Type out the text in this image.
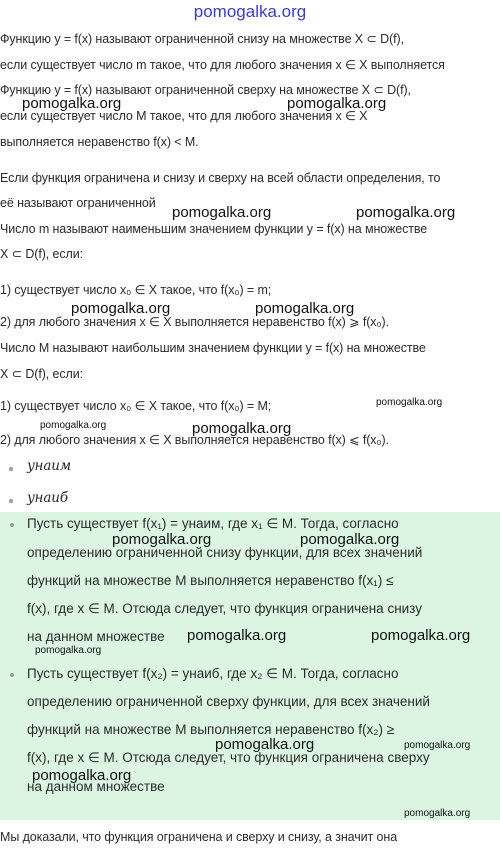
pomogalka.org
Функцию y = f(x) называют ограниченной снизу на множестве X ⊂ D(f),
если существует число m такое, что для любого значения x ∈ X выполняется
Функцию y = f(x) называют ограниченной сверху на множестве X ⊂ D(f),
если существует число M такое, что для любого значения x ∈ X
выполняется неравенство f(x) < M.
Если функция ограничена и снизу и сверху на всей области определения, то
её называют ограниченной
Число m называют наименьшим значением функции y = f(x) на множестве
X ⊂ D(f), если:
1) существует число x₀ ∈ X такое, что f(x₀) = m;
2) для любого значения x ∈ X выполняется неравенство f(x) ⩾ f(x₀).
Число M называют наибольшим значением функции y = f(x) на множестве
X ⊂ D(f), если:
1) существует число x₀ ∈ X такое, что f(x₀) = M;
2) для любого значения x ∈ X выполняется неравенство f(x) ⩽ f(x₀).
yнаим
yнаиб
Пусть существует f(x₁) = yнаим, где x₁ ∈ M. Тогда, согласно
определению ограниченной снизу функции, для всех значений
функций на множестве M выполняется неравенство f(x₁) ≤
f(x), где x ∈ M. Отсюда следует, что функция ограничена снизу
на данном множестве
Пусть существует f(x₂) = yнаиб, где x₂ ∈ M. Тогда, согласно
определению ограниченной сверху функции, для всех значений
функций на множестве M выполняется неравенство f(x₂) ≥
f(x), где x ∈ M. Отсюда следует, что функция ограничена сверху
на данном множестве
Мы доказали, что функция ограничена и сверху и снизу, а значит она
pomogalka.org	pomogalka.org
pomogalka.org	pomogalka.org
pomogalka.org	pomogalka.org
pomogalka.org
pomogalka.org	pomogalka.org
pomogalka.org	pomogalka.org
pomogalka.org	pomogalka.org
pomogalka.org
pomogalka.org	pomogalka.org
pomogalka.org
pomogalka.org
